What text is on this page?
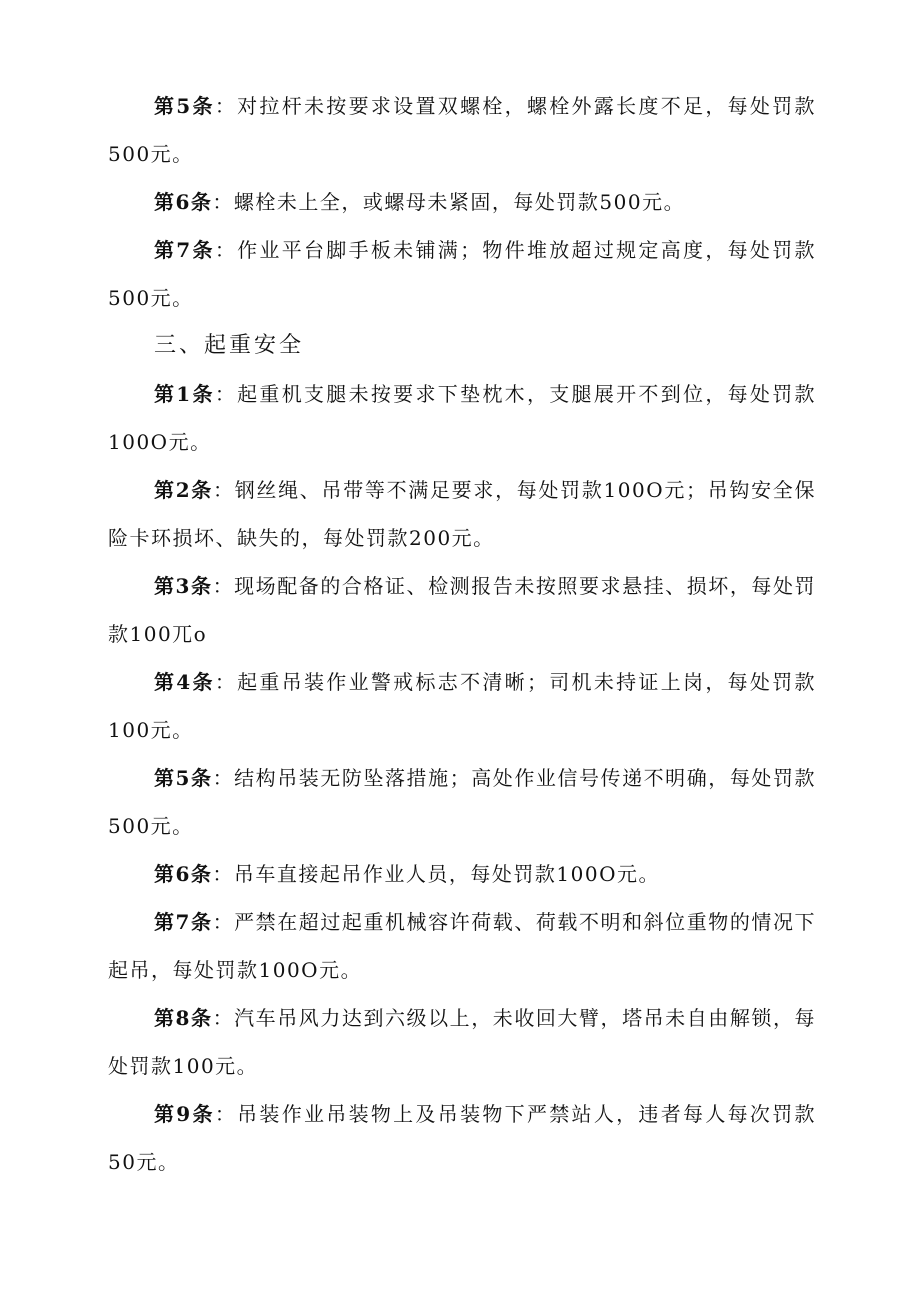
第5条：对拉杆未按要求设置双螺栓，螺栓外露长度不足，每处罚款500元。

第6条：螺栓未上全，或螺母未紧固，每处罚款500元。

第7条：作业平台脚手板未铺满；物件堆放超过规定高度，每处罚款500元。

三、起重安全

第1条：起重机支腿未按要求下垫枕木，支腿展开不到位，每处罚款100O元。

第2条：钢丝绳、吊带等不满足要求，每处罚款100O元；吊钩安全保险卡环损坏、缺失的，每处罚款200元。

第3条：现场配备的合格证、检测报告未按照要求悬挂、损坏，每处罚款100兀o

第4条：起重吊装作业警戒标志不清晰；司机未持证上岗，每处罚款100元。

第5条：结构吊装无防坠落措施；高处作业信号传递不明确，每处罚款500元。

第6条：吊车直接起吊作业人员，每处罚款100O元。

第7条：严禁在超过起重机械容许荷载、荷载不明和斜位重物的情况下起吊，每处罚款100O元。

第8条：汽车吊风力达到六级以上，未收回大臂，塔吊未自由解锁，每处罚款100元。

第9条：吊装作业吊装物上及吊装物下严禁站人，违者每人每次罚款50元。
